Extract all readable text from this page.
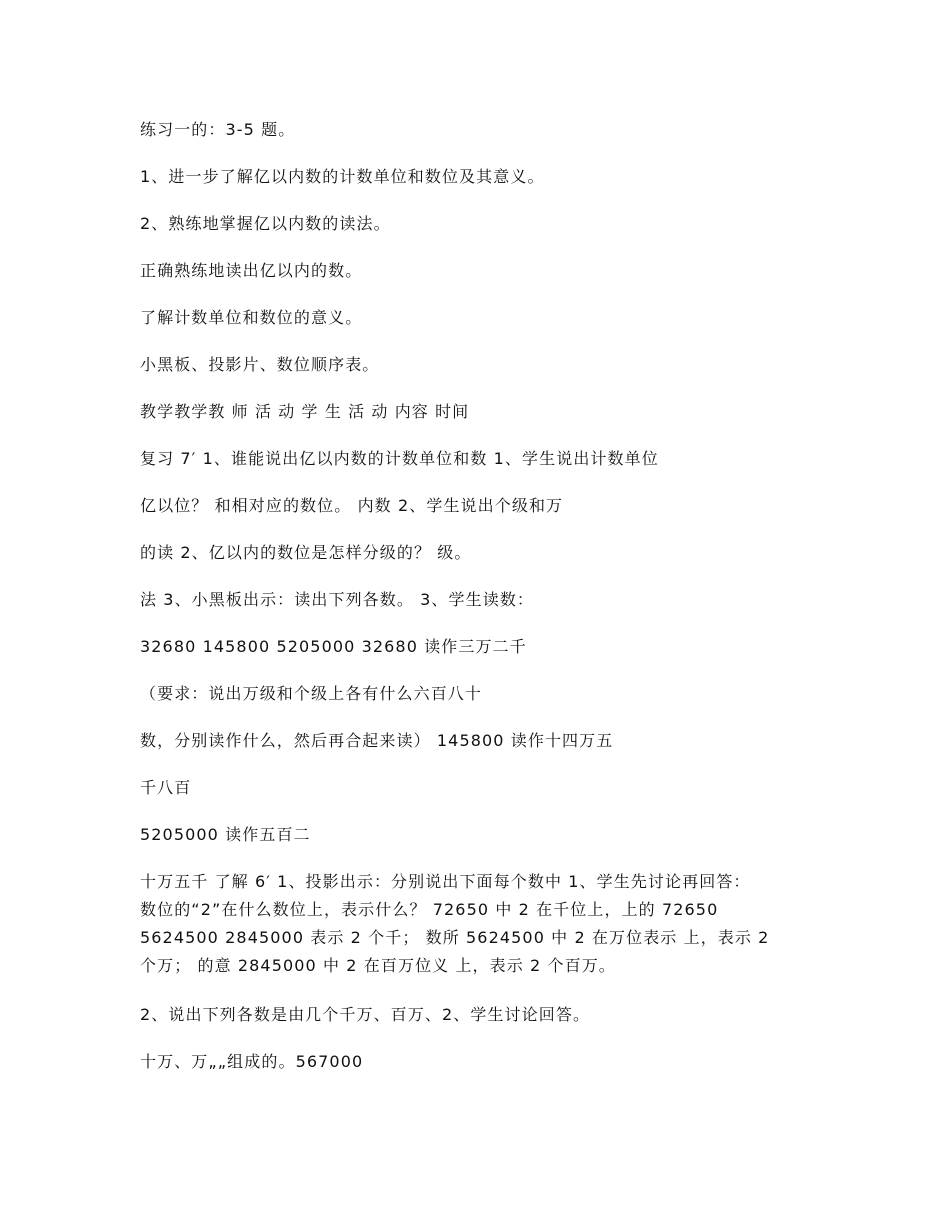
练习一的：3-5 题。
1、进一步了解亿以内数的计数单位和数位及其意义。
2、熟练地掌握亿以内数的读法。
正确熟练地读出亿以内的数。
了解计数单位和数位的意义。
小黑板、投影片、数位顺序表。
教学教学教 师 活 动 学 生 活 动 内容 时间
复习 7′ 1、谁能说出亿以内数的计数单位和数 1、学生说出计数单位
亿以位？ 和相对应的数位。 内数 2、学生说出个级和万
的读 2、亿以内的数位是怎样分级的？ 级。
法 3、小黑板出示：读出下列各数。 3、学生读数：
32680 145800 5205000 32680 读作三万二千
（要求：说出万级和个级上各有什么六百八十
数，分别读作什么，然后再合起来读） 145800 读作十四万五
千八百
5205000 读作五百二
十万五千 了解 6′ 1、投影出示：分别说出下面每个数中 1、学生先讨论再回答：
数位的“2”在什么数位上，表示什么？ 72650 中 2 在千位上，上的 72650
5624500 2845000 表示 2 个千； 数所 5624500 中 2 在万位表示 上，表示 2
个万； 的意 2845000 中 2 在百万位义 上，表示 2 个百万。
2、说出下列各数是由几个千万、百万、2、学生讨论回答。
十万、万„„组成的。567000
